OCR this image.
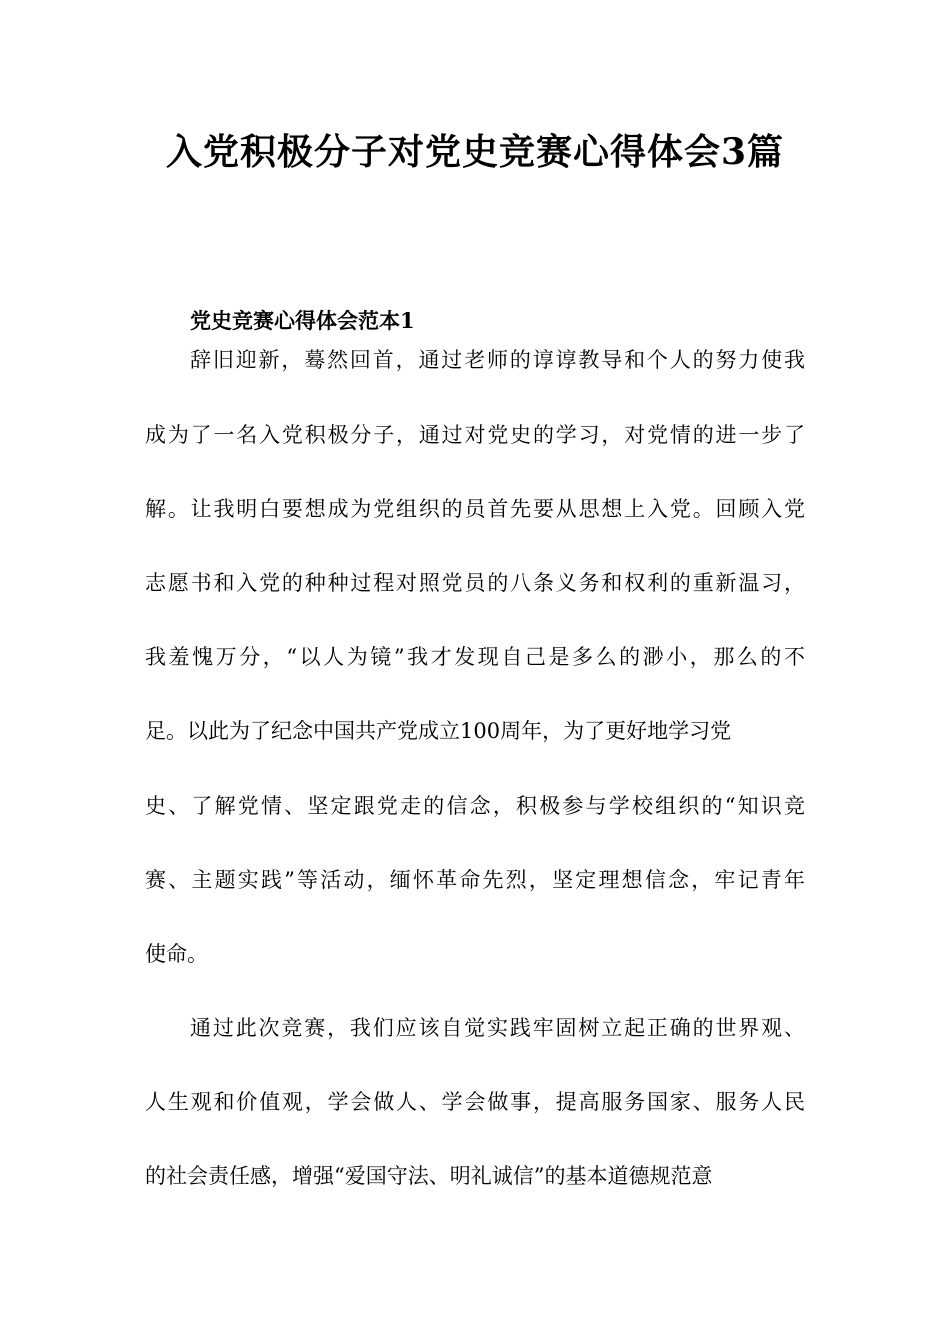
入党积极分子对党史竞赛心得体会3篇
党史竞赛心得体会范本1

辞旧迎新，蓦然回首，通过老师的谆谆教导和个人的努力使我

成为了一名入党积极分子，通过对党史的学习，对党情的进一步了

解。让我明白要想成为党组织的员首先要从思想上入党。回顾入党

志愿书和入党的种种过程对照党员的八条义务和权利的重新温习，

我羞愧万分，“以人为镜”我才发现自己是多么的渺小，那么的不

足。以此为了纪念中国共产党成立100周年，为了更好地学习党

史、了解党情、坚定跟党走的信念，积极参与学校组织的“知识竞

赛、主题实践”等活动，缅怀革命先烈，坚定理想信念，牢记青年

使命。

通过此次竞赛，我们应该自觉实践牢固树立起正确的世界观、

人生观和价值观，学会做人、学会做事，提高服务国家、服务人民

的社会责任感，增强“爱国守法、明礼诚信”的基本道德规范意
